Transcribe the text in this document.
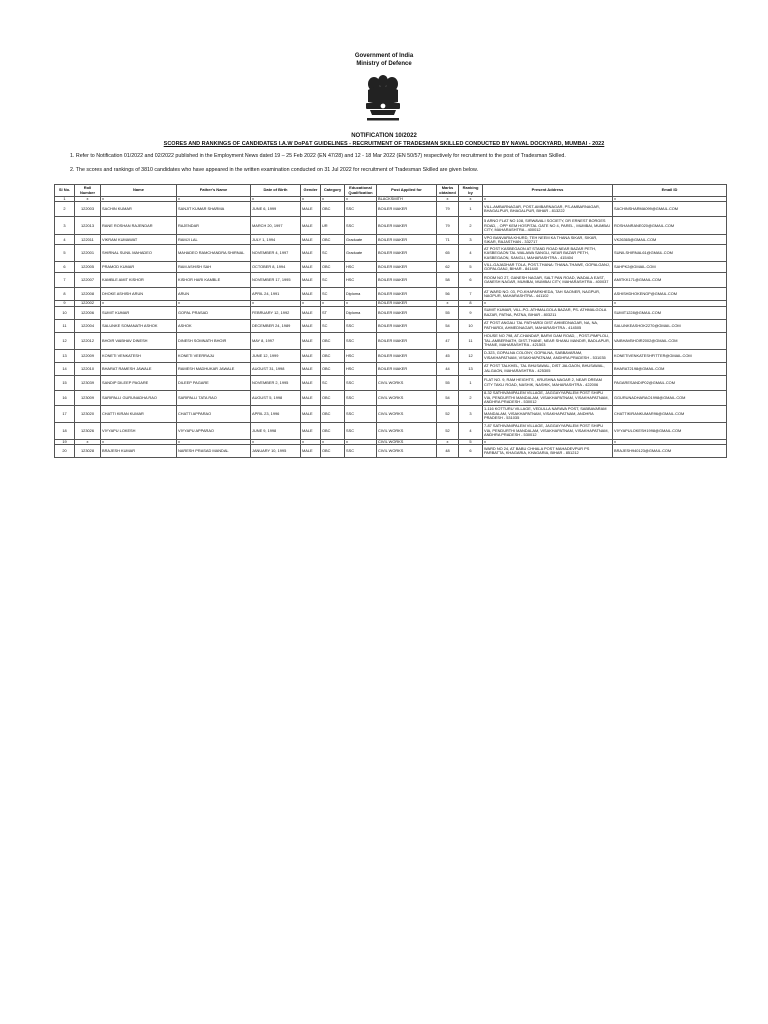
Government of India
Ministry of Defence
NOTIFICATION 10/2022
SCORES AND RANKINGS OF CANDIDATES I.A.W DoP&T GUIDELINES - RECRUITMENT OF TRADESMAN SKILLED CONDUCTED BY NAVAL DOCKYARD, MUMBAI - 2022
1. Refer to Notification 01/2022 and 02/2022 published in the Employment News dated 19 – 25 Feb 2022 (EN 47/28) and 12 - 18 Mar 2022 (EN 50/57) respectively for recruitment to the post of Tradesman Skilled.
2. The scores and rankings of 3810 candidates who have appeared in the written examination conducted on 31 Jul 2022 for recruitment of Tradesman Skilled are given below.
Sl No.	Roll Number	Name	Father's Name	Date of Birth	Gender	Category	Educational Qualification	Post Applied for	Marks obtained	Ranking by	Present Address	Email ID
1	x	x	x	x	x	x	x	BLACKSMITH	x	x	x	x
2	122003	SACHIN KUMAR	SANJIT KUMAR SHARMA	JUNE 6, 1999	MALE	OBC	SSC	BOILER MAKER	79	1	VILL-AMBARNAGAR, POST-AMBARNAGAR, PS-AMBARNAGAR, BHAGALPUR, BHAGALPUR, BIHAR - 813222	SACHINSHARMA099@GMAIL.COM
3	122013	RANE ROSHAN RAJENDAR	RAJENDAR	MARCH 20, 1997	MALE	UR	SSC	BOILER MAKER	79	2	5 ARNO FLAT NO 108, SIRWAVALI SOCIETY, DR ERNEST BORGES ROAD, , OPP KEM HOSPITAL GATE NO 4, PAREL , MUMBAI, MUMBAI CITY, MAHARASHTRA - 400012	ROSHANRANE020@GMAIL.COM
4	122011	VIKRAM KUMAWAT	RAMJI LAL	JULY 1, 1994	MALE	OBC	Graduate	BOILER MAKER	71	3	VPO BANVARIA KHURD, TEH NEEM KA THANA SIKAR, SIKAR, SIKAR, RAJASTHAN - 332717	VK26365@GMAIL.COM
5	122001	SHIRNAL SUNIL MAHADEO	MAHADEO RAMCHANDRA SHIRNAL	NOVEMBER 4, 1997	MALE	SC	Graduate	BOILER MAKER	65	4	AT POST KASBEGAON AT STAND ROAD NEAR BAZAR PETH, KASBEGAON TAL WALAWA SANGLI, NEAR BAZAR PETH, KASBEGAON, SANGLI, MAHARASHTRA - 415404	SUNILSHIRNAL61@GMAIL.COM
6	122005	PRAMOD KUMAR	RAM ASHISH SAH	OCTOBER 8, 1994	MALE	OBC	HSC	BOILER MAKER	62	5	VILL-GAJADHAR TOLA, POST-THANA: THANA-THAWE, GOPALGANJ, GOPALGANJ, BIHAR - 841440	SAHPK2@GMAIL.COM
7	122007	KAMBLE AMIT KISHOR	KISHOR HARI KAMBLE	NOVEMBER 17, 1995	MALE	SC	HSC	BOILER MAKER	58	6	ROOM NO 27, GANESH NAGAR, SALT PAN ROAD, WADALA EAST, GANESH NAGAR, MUMBAI, MUMBAI CITY, MAHARASHTRA - 400037	AMITKK171@GMAIL.COM
8	122008	DHOKE ASHISH ARUN	ARUN	APRIL 24, 1991	MALE	SC	Diploma	BOILER MAKER	56	7	AT WARD NO. 03, PO-KHAPARKHEDA, TAH SAONER, NAGPUR, NAGPUR, MAHARASHTRA - 441102	ASHISHDHOKENGP@GMAIL.COM
9	122002	x	x	x	x	x	x	BOILER MAKER	x	8	x	x
10	122006	SUMIT KUMAR	GOPAL PRASAD	FEBRUARY 12, 1992	MALE	ST	Diploma	BOILER MAKER	55	9	SUMIT KUMAR, VILL-PO- ATHMALGOLA BAZAR, PS- ATHMALGOLA BAZAR, PATNA, PATNA, BIHAR - 803211	SUMIT1228@GMAIL.COM
11	122004	SALUNKE SOMANATH ASHOK	ASHOK	DECEMBER 24, 1989	MALE	SC	SSC	BOILER MAKER	54	10	AT POST ANGALI TAL PATHARDI DIST AHMEDNAGAR, NA, NA, PATHARDI, AHMEDNAGAR, MAHARASHTRA - 414505	SALUNKEASHOK2270@GMAIL.COM
12	122012	BHOIR VAIBHAV DINESH	DINESH SOMNATH BHOIR	MAY 8, 1997	MALE	OBC	SSC	BOILER MAKER	47	11	HOUSE NO 798, AT-CHANDAP, BARVI DAM ROAD, , POST-PIMPLOLI, TAL-AMBERNATH, DIST-THANE, NEAR SHANU MANDIR, BADLAPUR, THANE, MAHARASHTRA - 421503	VAIBHAVBHOIR2002@GMAIL.COM
13	122009	KONETI VENKATESH	KONETI VEERRAJU	JUNE 12, 1999	MALE	OBC	HSC	BOILER MAKER	45	12	D-323, GOPALNA COLONY, GOPALNA, SABBAVARAM, VISAKHAPATNAM, VISAKHAPATNAM, ANDHRA PRADESH - 531035	KONETIVENKATESHFITTER@GMAIL.COM
14	122010	BHARAT RAMESH JAWALE	RAMESH MADHUKAR JAWALE	AUGUST 31, 1998	MALE	OBC	HSC	BOILER MAKER	44	13	AT POST TALKHEL, TAL BHUSAWAL, DIST JALGAON, BHUSAWAL, JALGAON, MAHARASHTRA - 425305	BHARAT2198@GMAIL.COM
15	123039	SANDIP DILEEP PAGARE	DILEEP PAGARE	NOVEMBER 2, 1995	MALE	SC	SSC	CIVIL WORKS	55	1	FLAT NO. 9, RAM HEIGHTS , KRUSHNA NAGAR 2, NEAR DREAM CITY TAKLI ROAD, NASHIK, NASHIK, MAHARASHTRA - 422006	PAGARESANDIP02@GMAIL.COM
16	123009	SARIPALLI GURUNADHA RAO	SARIPALLI TATA RAO	AUGUST 5, 1998	MALE	OBC	SSC	CIVIL WORKS	54	2	8-32 SATHIVANIPALEM VILLAGE, JAGGAYYAPALEM POST SHIPU VIA, PENDURTHI MANDALAM, VISAKHAPATNAM, VISAKHAPATNAM, ANDHRA PRADESH - 530012	GGURUNADHARAO1998@GMAIL.COM
17	123020	CHATTI KIRAN KUMAR	CHATTI APPARAO	APRIL 23, 1996	MALE	OBC	SSC	CIVIL WORKS	52	3	1-116 KOTTURU VILLAGE, VEDULLA NARAVA POST, SABBAVARAM MANDALAM, VISAKHAPATNAM, VISAKHAPATNAM, ANDHRA PRADESH - 531035	CHATTIKIRANKUMAR96@GMAIL.COM
18	123026	VIYYAPU LOKESH	VIYYAPU APPARAO	JUNE 9, 1998	MALE	OBC	SSC	CIVIL WORKS	52	4	7-87 SATHIVANIPALEM VILLAGE, JAGGAYYAPALEM POST SHIPU VIA, PENDURTHI MANDALAM, VISAKHAPATNAM, VISAKHAPATNAM, ANDHRA PRADESH - 530012	VIYYAPULOKESH1998@GMAIL.COM
19	x	x	x	x	x	x	x	CIVIL WORKS	x	5	x	x
20	123028	BRAJESH KUMAR	NARESH PRASAD MANDAL	JANUARY 10, 1995	MALE	OBC	SSC	CIVIL WORKS	48	6	WARD NO 24, AT BABU CHHALA POST MAHADEVPUR PS PARBATTA, KHAGARIA, KHAGARIA, BIHAR - 851212	BRAJESH940123@GMAIL.COM
